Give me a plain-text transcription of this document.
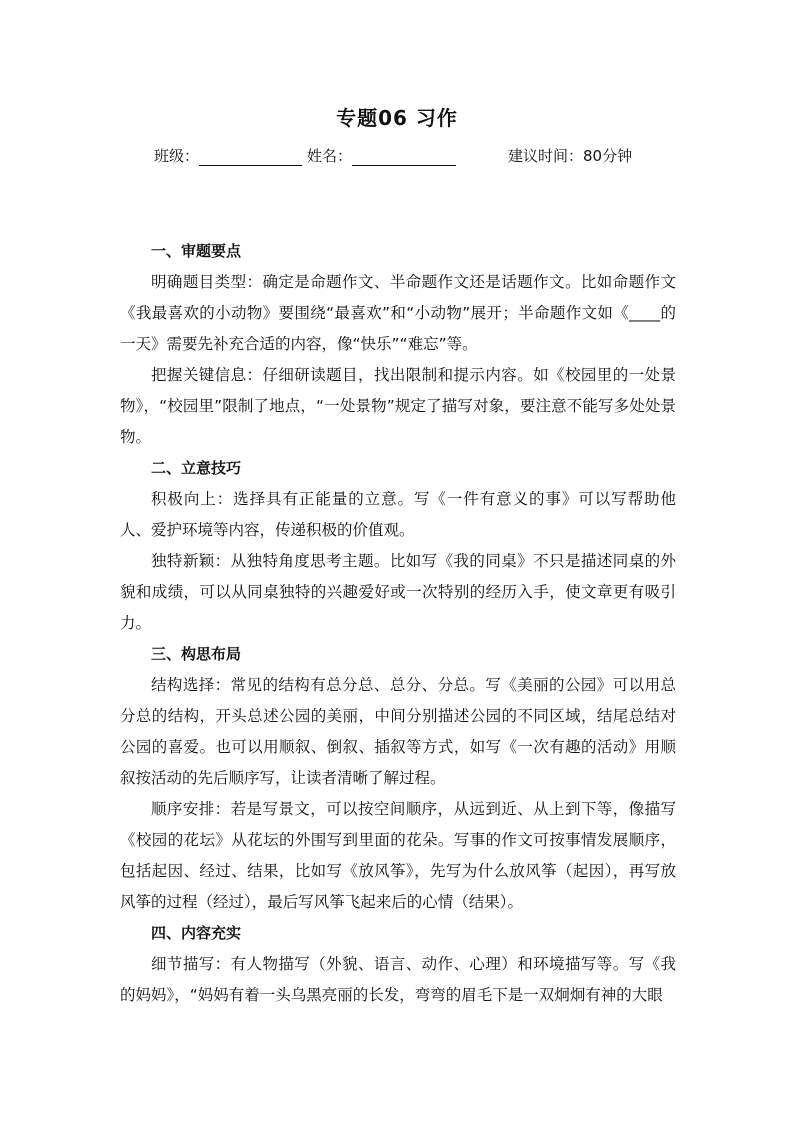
专题06 习作
班级：	姓名：	建议时间：80分钟

一、审题要点

明确题目类型：确定是命题作文、半命题作文还是话题作文。比如命题作文《我最喜欢的小动物》要围绕“最喜欢”和“小动物”展开；半命题作文如《____的一天》需要先补充合适的内容，像“快乐”“难忘”等。

把握关键信息：仔细研读题目，找出限制和提示内容。如《校园里的一处景物》，“校园里”限制了地点，“一处景物”规定了描写对象，要注意不能写多处处景物。

二、立意技巧

积极向上：选择具有正能量的立意。写《一件有意义的事》可以写帮助他人、爱护环境等内容，传递积极的价值观。

独特新颖：从独特角度思考主题。比如写《我的同桌》不只是描述同桌的外貌和成绩，可以从同桌独特的兴趣爱好或一次特别的经历入手，使文章更有吸引力。

三、构思布局

结构选择：常见的结构有总分总、总分、分总。写《美丽的公园》可以用总分总的结构，开头总述公园的美丽，中间分别描述公园的不同区域，结尾总结对公园的喜爱。也可以用顺叙、倒叙、插叙等方式，如写《一次有趣的活动》用顺叙按活动的先后顺序写，让读者清晰了解过程。

顺序安排：若是写景文，可以按空间顺序，从远到近、从上到下等，像描写《校园的花坛》从花坛的外围写到里面的花朵。写事的作文可按事情发展顺序，包括起因、经过、结果，比如写《放风筝》，先写为什么放风筝（起因），再写放风筝的过程（经过），最后写风筝飞起来后的心情（结果）。

四、内容充实

细节描写：有人物描写（外貌、语言、动作、心理）和环境描写等。写《我的妈妈》，“妈妈有着一头乌黑亮丽的长发，弯弯的眉毛下是一双炯炯有神的大眼
